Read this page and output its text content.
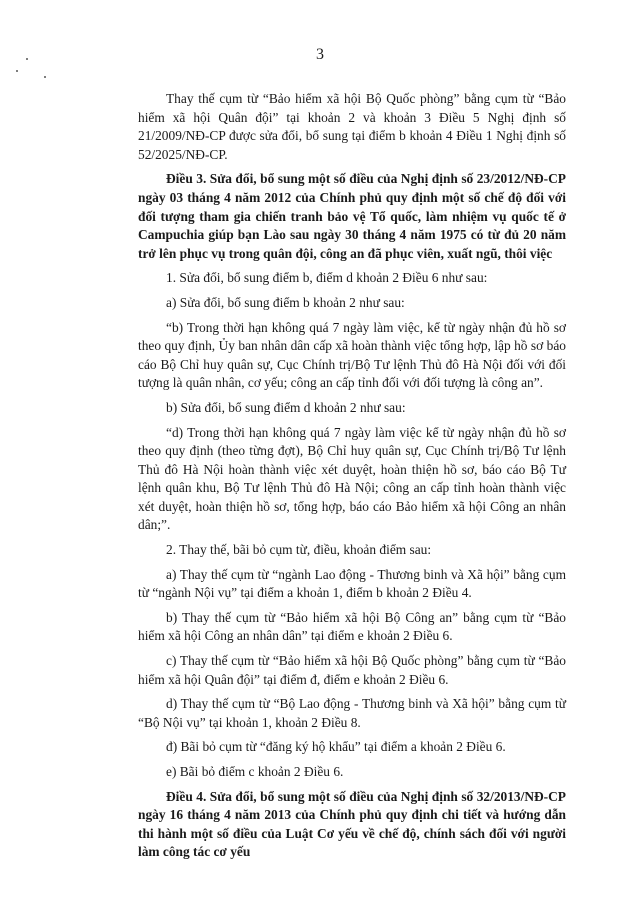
3

Thay thế cụm từ “Bảo hiểm xã hội Bộ Quốc phòng” bằng cụm từ “Bảo hiểm xã hội Quân đội” tại khoản 2 và khoản 3 Điều 5 Nghị định số 21/2009/NĐ-CP được sửa đổi, bổ sung tại điểm b khoản 4 Điều 1 Nghị định số 52/2025/NĐ-CP.

Điều 3. Sửa đổi, bổ sung một số điều của Nghị định số 23/2012/NĐ-CP ngày 03 tháng 4 năm 2012 của Chính phủ quy định một số chế độ đối với đối tượng tham gia chiến tranh bảo vệ Tổ quốc, làm nhiệm vụ quốc tế ở Campuchia giúp bạn Lào sau ngày 30 tháng 4 năm 1975 có từ đủ 20 năm trở lên phục vụ trong quân đội, công an đã phục viên, xuất ngũ, thôi việc

1. Sửa đổi, bổ sung điểm b, điểm d khoản 2 Điều 6 như sau:

a) Sửa đổi, bổ sung điểm b khoản 2 như sau:

“b) Trong thời hạn không quá 7 ngày làm việc, kể từ ngày nhận đủ hồ sơ theo quy định, Ủy ban nhân dân cấp xã hoàn thành việc tổng hợp, lập hồ sơ báo cáo Bộ Chỉ huy quân sự, Cục Chính trị/Bộ Tư lệnh Thủ đô Hà Nội đối với đối tượng là quân nhân, cơ yếu; công an cấp tỉnh đối với đối tượng là công an”.

b) Sửa đổi, bổ sung điểm d khoản 2 như sau:

“d) Trong thời hạn không quá 7 ngày làm việc kể từ ngày nhận đủ hồ sơ theo quy định (theo từng đợt), Bộ Chỉ huy quân sự, Cục Chính trị/Bộ Tư lệnh Thủ đô Hà Nội hoàn thành việc xét duyệt, hoàn thiện hồ sơ, báo cáo Bộ Tư lệnh quân khu, Bộ Tư lệnh Thủ đô Hà Nội; công an cấp tỉnh hoàn thành việc xét duyệt, hoàn thiện hồ sơ, tổng hợp, báo cáo Bảo hiểm xã hội Công an nhân dân;”.

2. Thay thế, bãi bỏ cụm từ, điều, khoản điểm sau:

a) Thay thế cụm từ “ngành Lao động - Thương binh và Xã hội” bằng cụm từ “ngành Nội vụ” tại điểm a khoản 1, điểm b khoản 2 Điều 4.

b) Thay thế cụm từ “Bảo hiểm xã hội Bộ Công an” bằng cụm từ “Bảo hiểm xã hội Công an nhân dân” tại điểm e khoản 2 Điều 6.

c) Thay thế cụm từ “Bảo hiểm xã hội Bộ Quốc phòng” bằng cụm từ “Bảo hiểm xã hội Quân đội” tại điểm đ, điểm e khoản 2 Điều 6.

d) Thay thế cụm từ “Bộ Lao động - Thương binh và Xã hội” bằng cụm từ “Bộ Nội vụ” tại khoản 1, khoản 2 Điều 8.

đ) Bãi bỏ cụm từ “đăng ký hộ khẩu” tại điểm a khoản 2 Điều 6.

e) Bãi bỏ điểm c khoản 2 Điều 6.

Điều 4. Sửa đổi, bổ sung một số điều của Nghị định số 32/2013/NĐ-CP ngày 16 tháng 4 năm 2013 của Chính phủ quy định chi tiết và hướng dẫn thi hành một số điều của Luật Cơ yếu về chế độ, chính sách đối với người làm công tác cơ yếu
